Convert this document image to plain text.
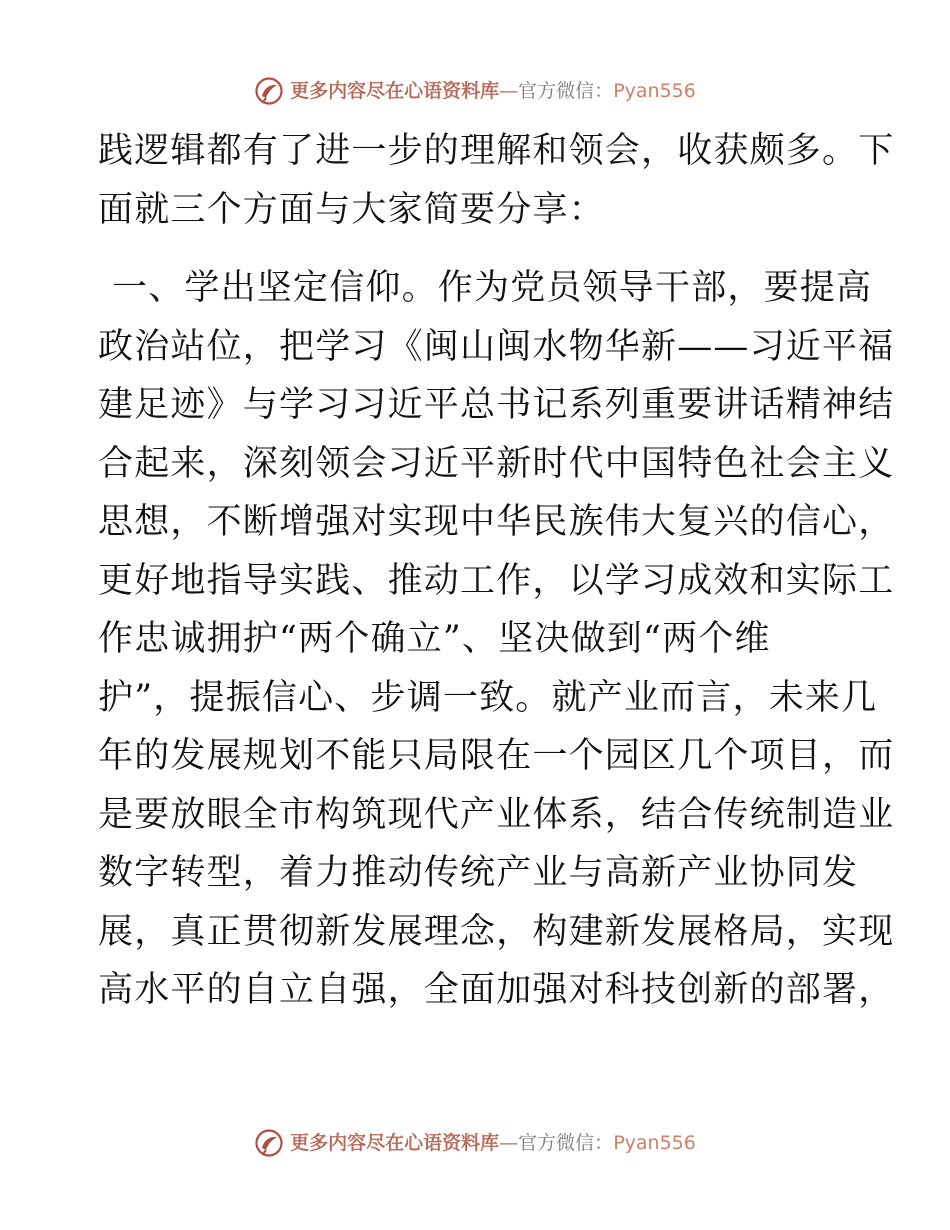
更多内容尽在心语资料库 — 官方微信： Pyan556
践逻辑都有了进一步的理解和领会，收获颇多。下
面就三个方面与大家简要分享：
一、学出坚定信仰。作为党员领导干部，要提高
政治站位，把学习《闽山闽水物华新——习近平福
建足迹》与学习习近平总书记系列重要讲话精神结
合起来，深刻领会习近平新时代中国特色社会主义
思想，不断增强对实现中华民族伟大复兴的信心，
更好地指导实践、推动工作，以学习成效和实际工
作忠诚拥护“两个确立”、坚决做到“两个维
护”，提振信心、步调一致。就产业而言，未来几
年的发展规划不能只局限在一个园区几个项目，而
是要放眼全市构筑现代产业体系，结合传统制造业
数字转型，着力推动传统产业与高新产业协同发
展，真正贯彻新发展理念，构建新发展格局，实现
高水平的自立自强，全面加强对科技创新的部署，
更多内容尽在心语资料库 — 官方微信： Pyan556
